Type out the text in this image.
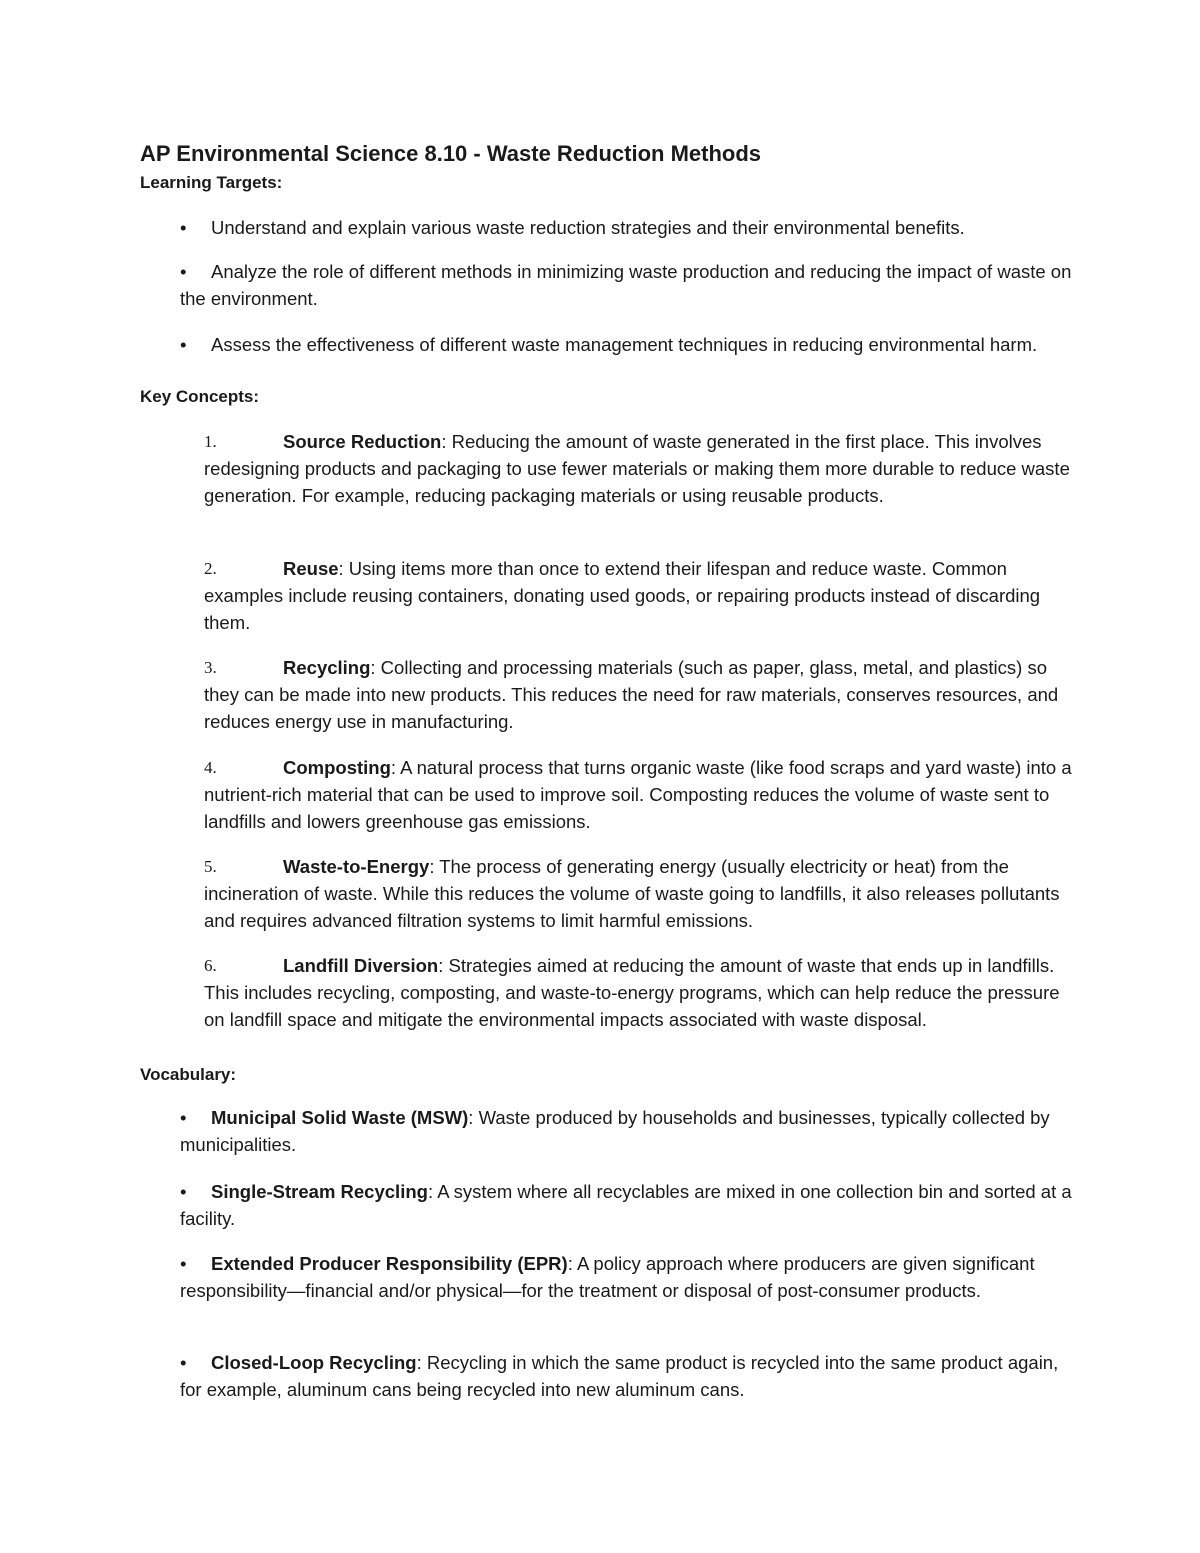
AP Environmental Science 8.10 - Waste Reduction Methods
Learning Targets:
• Understand and explain various waste reduction strategies and their environmental benefits.
• Analyze the role of different methods in minimizing waste production and reducing the impact of waste on the environment.
• Assess the effectiveness of different waste management techniques in reducing environmental harm.
Key Concepts:
1.	Source Reduction: Reducing the amount of waste generated in the first place. This involves redesigning products and packaging to use fewer materials or making them more durable to reduce waste generation. For example, reducing packaging materials or using reusable products.
2.	Reuse: Using items more than once to extend their lifespan and reduce waste. Common examples include reusing containers, donating used goods, or repairing products instead of discarding them.
3.	Recycling: Collecting and processing materials (such as paper, glass, metal, and plastics) so they can be made into new products. This reduces the need for raw materials, conserves resources, and reduces energy use in manufacturing.
4.	Composting: A natural process that turns organic waste (like food scraps and yard waste) into a nutrient-rich material that can be used to improve soil. Composting reduces the volume of waste sent to landfills and lowers greenhouse gas emissions.
5.	Waste-to-Energy: The process of generating energy (usually electricity or heat) from the incineration of waste. While this reduces the volume of waste going to landfills, it also releases pollutants and requires advanced filtration systems to limit harmful emissions.
6.	Landfill Diversion: Strategies aimed at reducing the amount of waste that ends up in landfills. This includes recycling, composting, and waste-to-energy programs, which can help reduce the pressure on landfill space and mitigate the environmental impacts associated with waste disposal.
Vocabulary:
• Municipal Solid Waste (MSW): Waste produced by households and businesses, typically collected by municipalities.
• Single-Stream Recycling: A system where all recyclables are mixed in one collection bin and sorted at a facility.
• Extended Producer Responsibility (EPR): A policy approach where producers are given significant responsibility—financial and/or physical—for the treatment or disposal of post-consumer products.
• Closed-Loop Recycling: Recycling in which the same product is recycled into the same product again, for example, aluminum cans being recycled into new aluminum cans.
